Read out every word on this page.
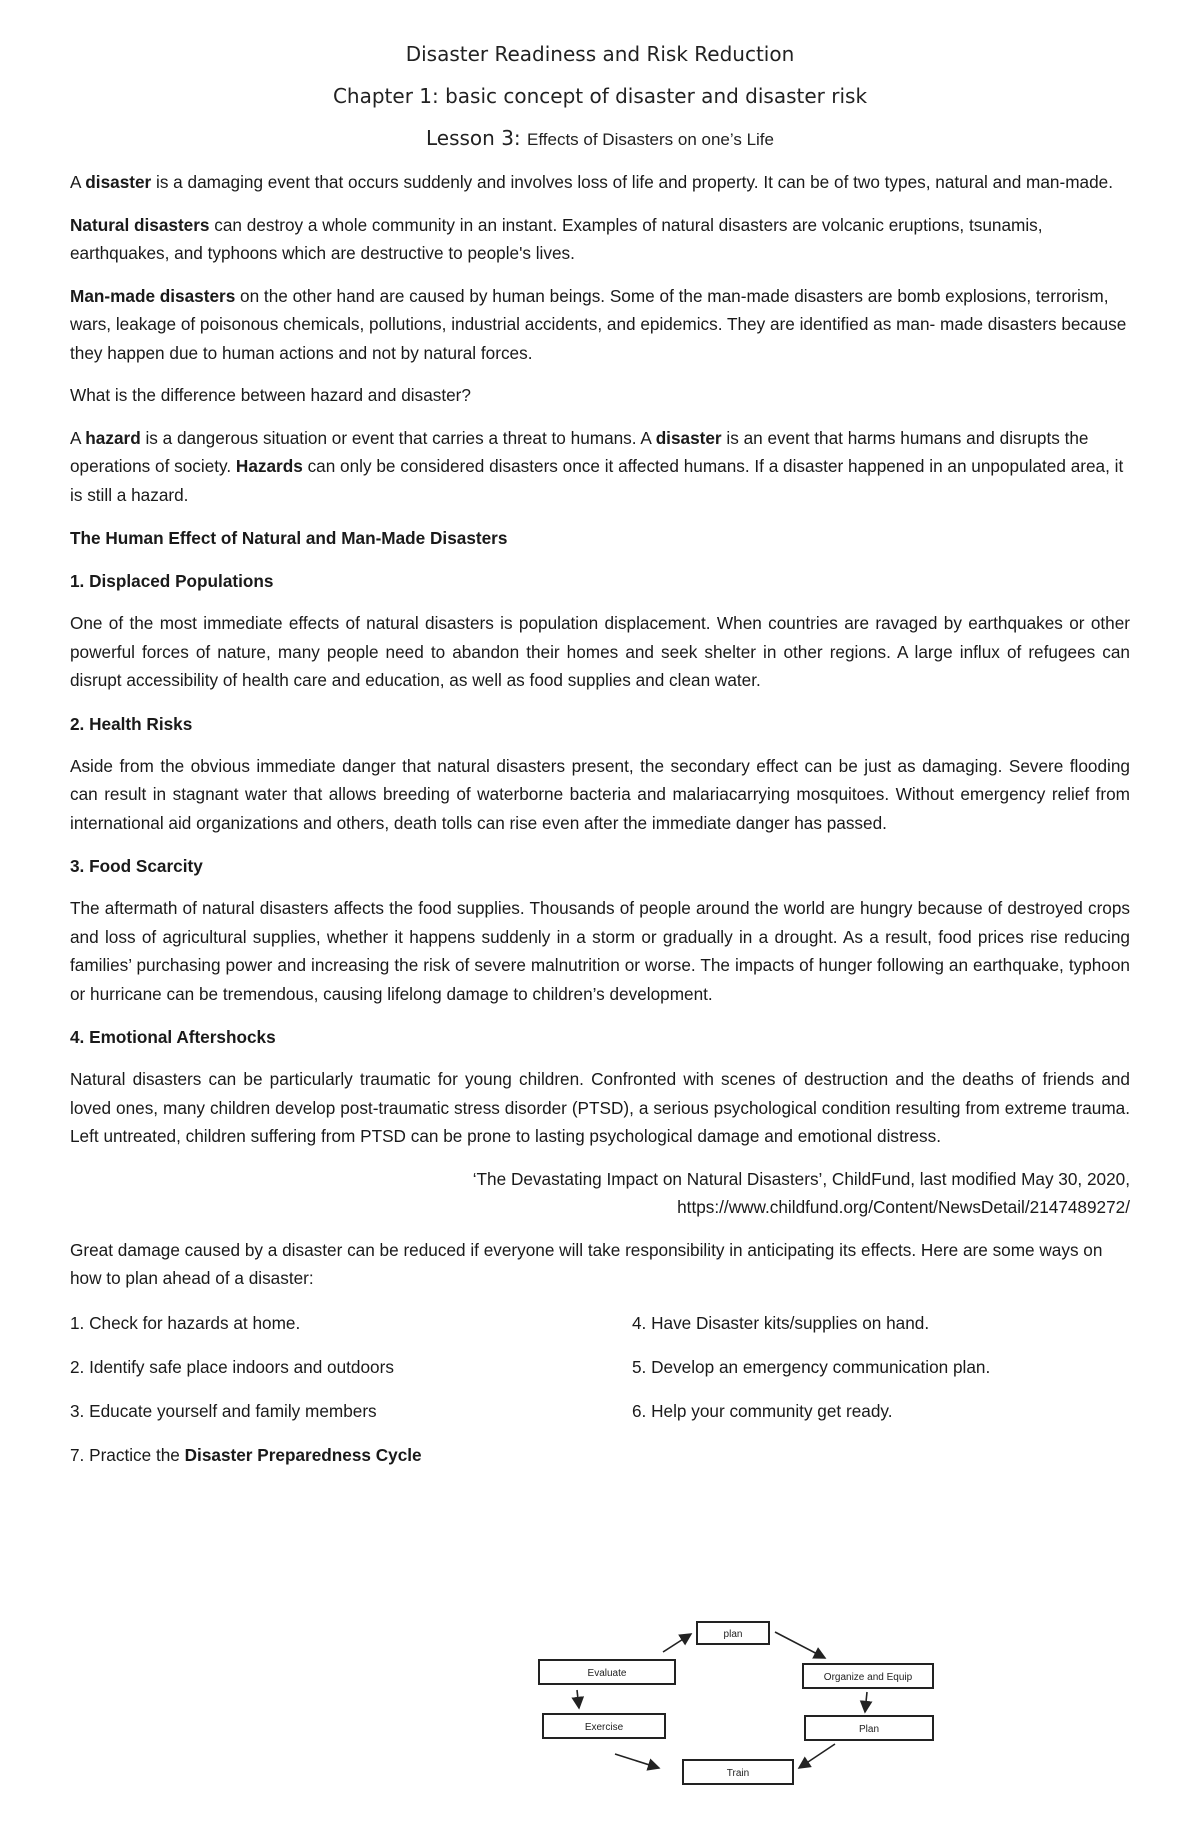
Disaster Readiness and Risk Reduction

Chapter 1: basic concept of disaster and disaster risk

Lesson 3: Effects of Disasters on one’s Life

A disaster is a damaging event that occurs suddenly and involves loss of life and property. It can be of two types, natural and man-made.

Natural disasters can destroy a whole community in an instant. Examples of natural disasters are volcanic eruptions, tsunamis, earthquakes, and typhoons which are destructive to people's lives.

Man-made disasters on the other hand are caused by human beings. Some of the man-made disasters are bomb explosions, terrorism, wars, leakage of poisonous chemicals, pollutions, industrial accidents, and epidemics. They are identified as man- made disasters because they happen due to human actions and not by natural forces.

What is the difference between hazard and disaster?

A hazard is a dangerous situation or event that carries a threat to humans. A disaster is an event that harms humans and disrupts the operations of society. Hazards can only be considered disasters once it affected humans. If a disaster happened in an unpopulated area, it is still a hazard.

The Human Effect of Natural and Man-Made Disasters

1. Displaced Populations

One of the most immediate effects of natural disasters is population displacement. When countries are ravaged by earthquakes or other powerful forces of nature, many people need to abandon their homes and seek shelter in other regions. A large influx of refugees can disrupt accessibility of health care and education, as well as food supplies and clean water.

2. Health Risks

Aside from the obvious immediate danger that natural disasters present, the secondary effect can be just as damaging. Severe flooding can result in stagnant water that allows breeding of waterborne bacteria and malariacarrying mosquitoes. Without emergency relief from international aid organizations and others, death tolls can rise even after the immediate danger has passed.

3. Food Scarcity

The aftermath of natural disasters affects the food supplies. Thousands of people around the world are hungry because of destroyed crops and loss of agricultural supplies, whether it happens suddenly in a storm or gradually in a drought. As a result, food prices rise reducing families’ purchasing power and increasing the risk of severe malnutrition or worse. The impacts of hunger following an earthquake, typhoon or hurricane can be tremendous, causing lifelong damage to children’s development.

4. Emotional Aftershocks

Natural disasters can be particularly traumatic for young children. Confronted with scenes of destruction and the deaths of friends and loved ones, many children develop post-traumatic stress disorder (PTSD), a serious psychological condition resulting from extreme trauma. Left untreated, children suffering from PTSD can be prone to lasting psychological damage and emotional distress.

‘The Devastating Impact on Natural Disasters’, ChildFund, last modified May 30, 2020,

https://www.childfund.org/Content/NewsDetail/2147489272/

Great damage caused by a disaster can be reduced if everyone will take responsibility in anticipating its effects. Here are some ways on how to plan ahead of a disaster:

1. Check for hazards at home.	4. Have Disaster kits/supplies on hand.
2. Identify safe place indoors and outdoors	5. Develop an emergency communication plan.
3. Educate yourself and family members	6. Help your community get ready.

7. Practice the Disaster Preparedness Cycle

plan
Organize and Equip
Plan
Train
Exercise
Evaluate
